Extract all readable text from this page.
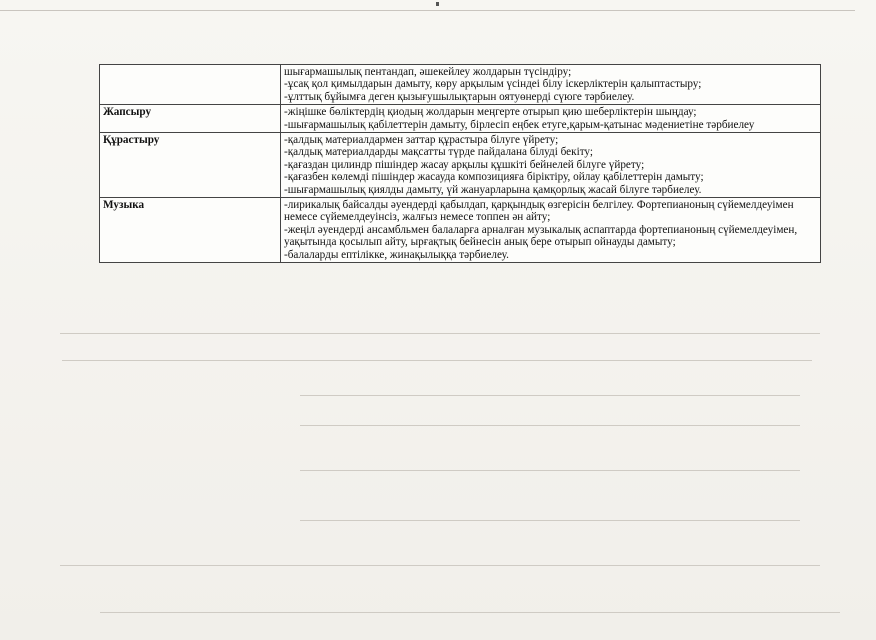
	шығармашылық пентандап, әшекейлеу жолдарын түсіндіру;
-ұсақ қол қимылдарын дамыту, көру арқылым үсіндеі білу іскерліктерін қалыптастыру;
-ұлттық бұйымға деген қызығушылықтарын оятуөнерді сүюге тәрбиелеу.

Жапсыру	-жіңішке бөліктердің қиодың жолдарын меңгерте отырып қию шеберліктерін шыңдау;
-шығармашылық қабілеттерін дамыту, бірлесіп еңбек етуге,қарым-қатынас мәдениетіне тәрбиелеу

Құрастыру	-қалдық материалдармен заттар құрастыра білуге үйрету;
-қалдық материалдарды мақсатты түрде пайдалана білуді бекіту;
-қағаздан цилиндр пішіндер жасау арқылы құшкіті бейнелей білуге үйрету;
-қағазбен көлемді пішіндер жасауда композицияға біріктіру, ойлау қабілеттерін дамыту;
-шығармашылық қиялды дамыту, үй жануарларына қамқорлық жасай білуге тәрбиелеу.

Музыка	-лирикалық байсалды әуендерді қабылдап, қарқындық өзгерісін белгілеу. Фортепианоның сүйемелдеуімен немесе сүйемелдеуінсіз, жалғыз немесе топпен ән айту;
-жеңіл әуендерді ансамбльмен балаларға арналған музыкалық аспаптарда фортепианоның сүйемелдеуімен, уақытында қосылып айту, ырғақтық бейнесін анық бере отырып ойнауды дамыту;
-балаларды ептілікке, жинақылыққа тәрбиелеу.
